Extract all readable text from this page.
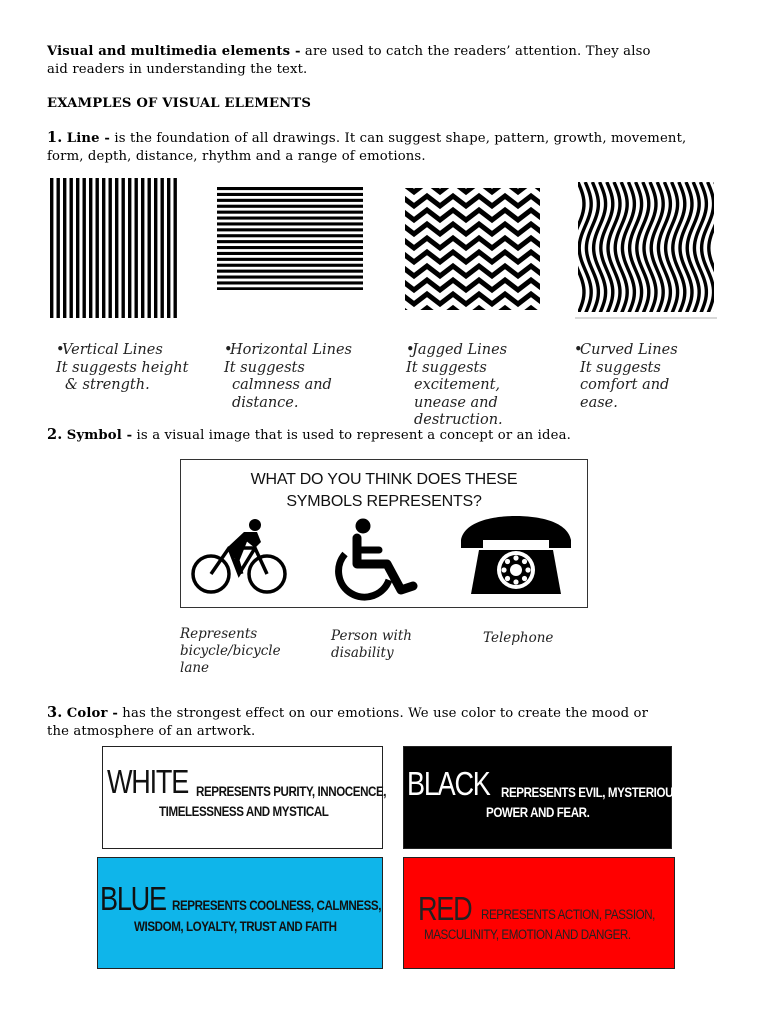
Visual and multimedia elements - are used to catch the readers’ attention. They also
aid readers in understanding the text.
EXAMPLES OF VISUAL ELEMENTS
1. Line - is the foundation of all drawings. It can suggest shape, pattern, growth, movement,
form, depth, distance, rhythm and a range of emotions.
•
Vertical Lines
It suggests height
& strength.
•
Horizontal Lines
It suggests
calmness and
distance.
•
Jagged Lines
It suggests
excitement,
unease and
destruction.
•
Curved Lines
It suggests
comfort and
ease.
2. Symbol - is a visual image that is used to represent a concept or an idea.
WHAT DO YOU THINK DOES THESE
SYMBOLS REPRESENTS?
Represents
bicycle/bicycle
lane
Person with
disability
Telephone
3. Color - has the strongest effect on our emotions. We use color to create the mood or
the atmosphere of an artwork.
WHITE REPRESENTS PURITY, INNOCENCE,
TIMELESSNESS AND MYSTICAL
BLACK REPRESENTS EVIL, MYSTERIOUS,
POWER AND FEAR.
BLUE REPRESENTS COOLNESS, CALMNESS,
WISDOM, LOYALTY, TRUST AND FAITH	RED REPRESENTS ACTION, PASSION,
MASCULINITY, EMOTION AND DANGER.
